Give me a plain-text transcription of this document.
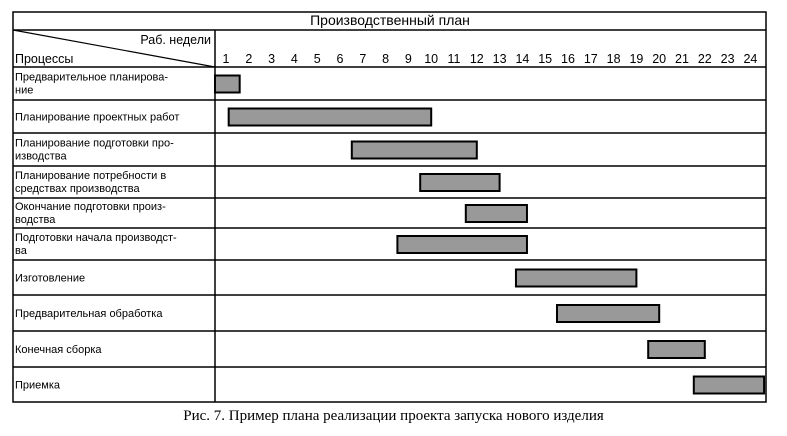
Производственный план
Раб. недели
Процессы	1 2 3 4 5 6 7 8 9 10 11 12 13 14 15 16 17 18 19 20 21 22 23 24
Предварительное планирова-
ние
Планирование проектных работ
Планирование подготовки про-
изводства
Планирование потребности в
средствах производства
Окончание подготовки произ-
водства
Подготовки начала производст-
ва
Изготовление
Предварительная обработка
Конечная сборка
Приемка
Рис. 7. Пример плана реализации проекта запуска нового изделия
